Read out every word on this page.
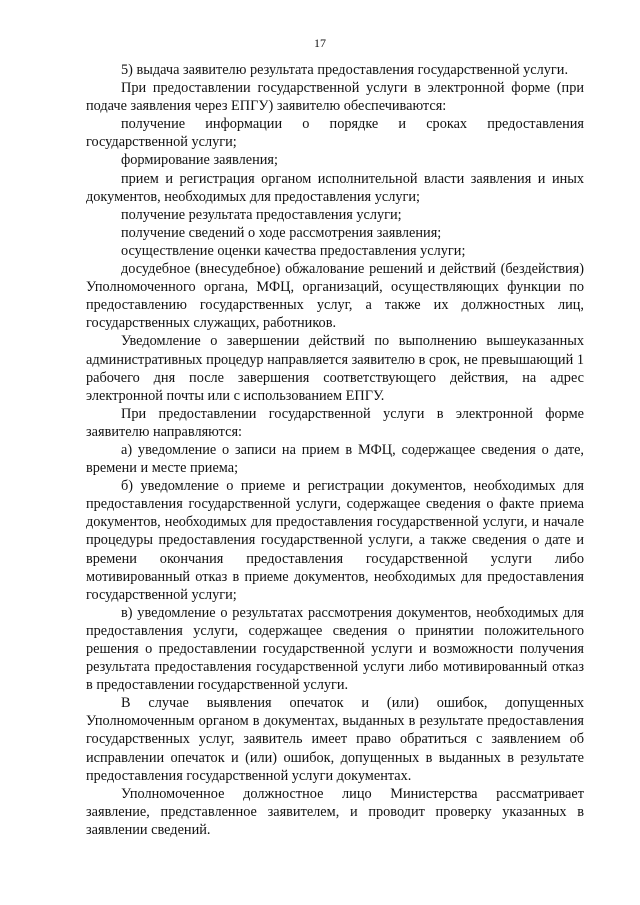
17

5) выдача заявителю результата предоставления государственной услуги.

При предоставлении государственной услуги в электронной форме (при подаче заявления через ЕПГУ) заявителю обеспечиваются:

получение информации о порядке и сроках предоставления государственной услуги;

формирование заявления;

прием и регистрация органом исполнительной власти заявления и иных документов, необходимых для предоставления услуги;

получение результата предоставления услуги;

получение сведений о ходе рассмотрения заявления;

осуществление оценки качества предоставления услуги;

досудебное (внесудебное) обжалование решений и действий (бездействия) Уполномоченного органа, МФЦ, организаций, осуществляющих функции по предоставлению государственных услуг, а также их должностных лиц, государственных служащих, работников.

Уведомление о завершении действий по выполнению вышеуказанных административных процедур направляется заявителю в срок, не превышающий 1 рабочего дня после завершения соответствующего действия, на адрес электронной почты или с использованием ЕПГУ.

При предоставлении государственной услуги в электронной форме заявителю направляются:

а) уведомление о записи на прием в МФЦ, содержащее сведения о дате, времени и месте приема;

б) уведомление о приеме и регистрации документов, необходимых для предоставления государственной услуги, содержащее сведения о факте приема документов, необходимых для предоставления государственной услуги, и начале процедуры предоставления государственной услуги, а также сведения о дате и времени окончания предоставления государственной услуги либо мотивированный отказ в приеме документов, необходимых для предоставления государственной услуги;

в) уведомление о результатах рассмотрения документов, необходимых для предоставления услуги, содержащее сведения о принятии положительного решения о предоставлении государственной услуги и возможности получения результата предоставления государственной услуги либо мотивированный отказ в предоставлении государственной услуги.

В случае выявления опечаток и (или) ошибок, допущенных Уполномоченным органом в документах, выданных в результате предоставления государственных услуг, заявитель имеет право обратиться с заявлением об исправлении опечаток и (или) ошибок, допущенных в выданных в результате предоставления государственной услуги документах.

Уполномоченное должностное лицо Министерства рассматривает заявление, представленное заявителем, и проводит проверку указанных в заявлении сведений.
